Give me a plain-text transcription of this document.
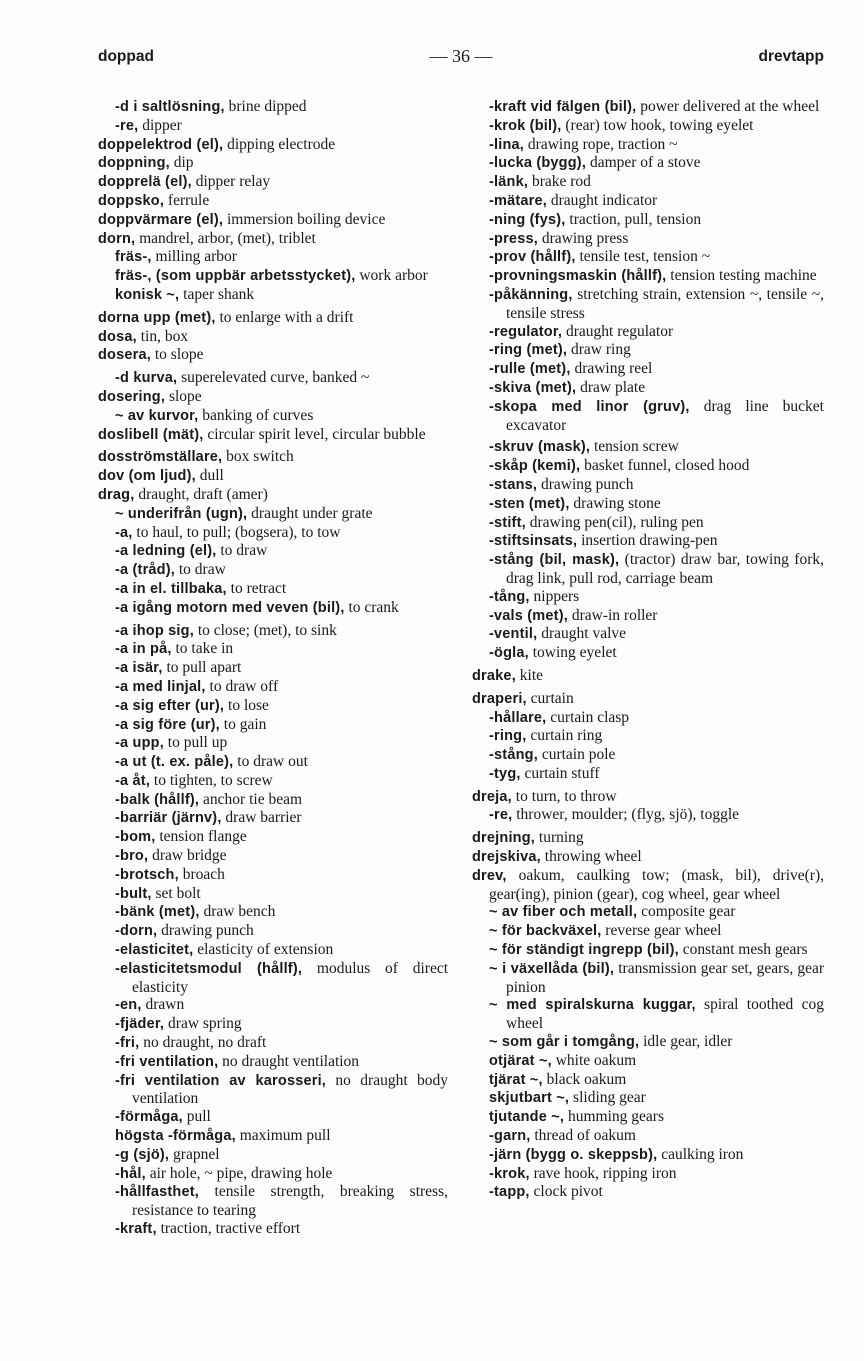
doppad	— 36 —	drevtapp

-d i saltlösning, brine dipped

-re, dipper

doppelektrod (el), dipping electrode

doppning, dip

dopprelä (el), dipper relay

doppsko, ferrule

doppvärmare (el), immersion boiling device

dorn, mandrel, arbor, (met), triblet

fräs-, milling arbor

fräs-, (som uppbär arbetsstycket), work arbor

konisk ~, taper shank

dorna upp (met), to enlarge with a drift

dosa, tin, box

dosera, to slope

-d kurva, superelevated curve, banked ~

dosering, slope

~ av kurvor, banking of curves

doslibell (mät), circular spirit level, circular bubble

dosströmställare, box switch

dov (om ljud), dull

drag, draught, draft (amer)

~ underifrån (ugn), draught under grate

-a, to haul, to pull; (bogsera), to tow

-a ledning (el), to draw

-a (tråd), to draw

-a in el. tillbaka, to retract

-a igång motorn med veven (bil), to crank

-a ihop sig, to close; (met), to sink

-a in på, to take in

-a isär, to pull apart

-a med linjal, to draw off

-a sig efter (ur), to lose

-a sig före (ur), to gain

-a upp, to pull up

-a ut (t. ex. påle), to draw out

-a åt, to tighten, to screw

-balk (hållf), anchor tie beam

-barriär (järnv), draw barrier

-bom, tension flange

-bro, draw bridge

-brotsch, broach

-bult, set bolt

-bänk (met), draw bench

-dorn, drawing punch

-elasticitet, elasticity of extension

-elasticitetsmodul (hållf), modulus of direct elasticity

-en, drawn

-fjäder, draw spring

-fri, no draught, no draft

-fri ventilation, no draught ventilation

-fri ventilation av karosseri, no draught body ventilation

-förmåga, pull

högsta -förmåga, maximum pull

-g (sjö), grapnel

-hål, air hole, ~ pipe, drawing hole

-hållfasthet, tensile strength, breaking stress, resistance to tearing

-kraft, traction, tractive effort

-kraft vid fälgen (bil), power delivered at the wheel

-krok (bil), (rear) tow hook, towing eyelet

-lina, drawing rope, traction ~

-lucka (bygg), damper of a stove

-länk, brake rod

-mätare, draught indicator

-ning (fys), traction, pull, tension

-press, drawing press

-prov (hållf), tensile test, tension ~

-provningsmaskin (hållf), tension testing machine

-påkänning, stretching strain, extension ~, tensile ~, tensile stress

-regulator, draught regulator

-ring (met), draw ring

-rulle (met), drawing reel

-skiva (met), draw plate

-skopa med linor (gruv), drag line bucket excavator

-skruv (mask), tension screw

-skåp (kemi), basket funnel, closed hood

-stans, drawing punch

-sten (met), drawing stone

-stift, drawing pen(cil), ruling pen

-stiftsinsats, insertion drawing-pen

-stång (bil, mask), (tractor) draw bar, towing fork, drag link, pull rod, carriage beam

-tång, nippers

-vals (met), draw-in roller

-ventil, draught valve

-ögla, towing eyelet

drake, kite

draperi, curtain

-hållare, curtain clasp

-ring, curtain ring

-stång, curtain pole

-tyg, curtain stuff

dreja, to turn, to throw

-re, thrower, moulder; (flyg, sjö), toggle

drejning, turning

drejskiva, throwing wheel

drev, oakum, caulking tow; (mask, bil), drive(r), gear(ing), pinion (gear), cog wheel, gear wheel

~ av fiber och metall, composite gear

~ för backväxel, reverse gear wheel

~ för ständigt ingrepp (bil), constant mesh gears

~ i växellåda (bil), transmission gear set, gears, gear pinion

~ med spiralskurna kuggar, spiral toothed cog wheel

~ som går i tomgång, idle gear, idler

otjärat ~, white oakum

tjärat ~, black oakum

skjutbart ~, sliding gear

tjutande ~, humming gears

-garn, thread of oakum

-järn (bygg o. skeppsb), caulking iron

-krok, rave hook, ripping iron

-tapp, clock pivot
